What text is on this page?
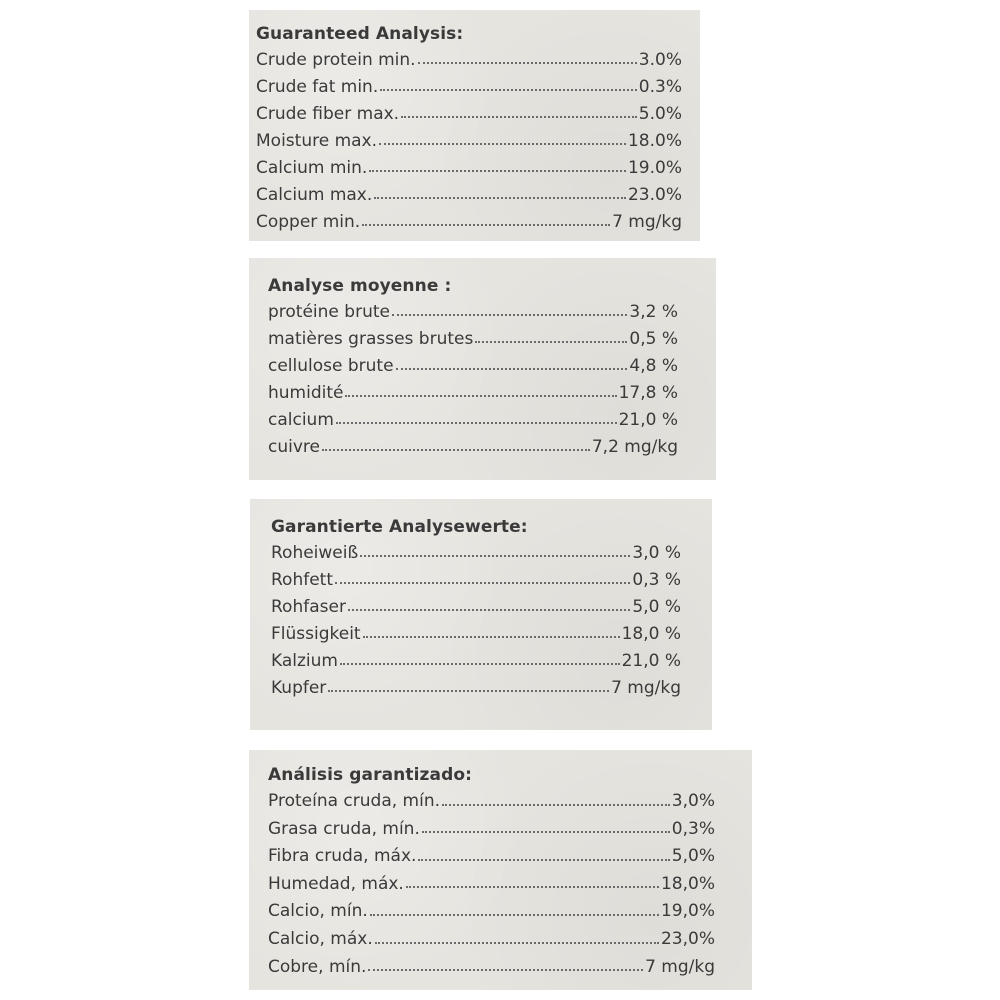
Guaranteed Analysis:
Crude protein min.	3.0%
Crude fat min.	0.3%
Crude fiber max.	5.0%
Moisture max.	18.0%
Calcium min.	19.0%
Calcium max.	23.0%
Copper min.	7 mg/kg
Analyse moyenne :
protéine brute	3,2 %
matières grasses brutes	0,5 %
cellulose brute	4,8 %
humidité	17,8 %
calcium	21,0 %
cuivre	7,2 mg/kg
Garantierte Analysewerte:
Roheiweiß	3,0 %
Rohfett	0,3 %
Rohfaser	5,0 %
Flüssigkeit	18,0 %
Kalzium	21,0 %
Kupfer	7 mg/kg
Análisis garantizado:
Proteína cruda, mín.	3,0%
Grasa cruda, mín.	0,3%
Fibra cruda, máx.	5,0%
Humedad, máx.	18,0%
Calcio, mín.	19,0%
Calcio, máx.	23,0%
Cobre, mín.	7 mg/kg
